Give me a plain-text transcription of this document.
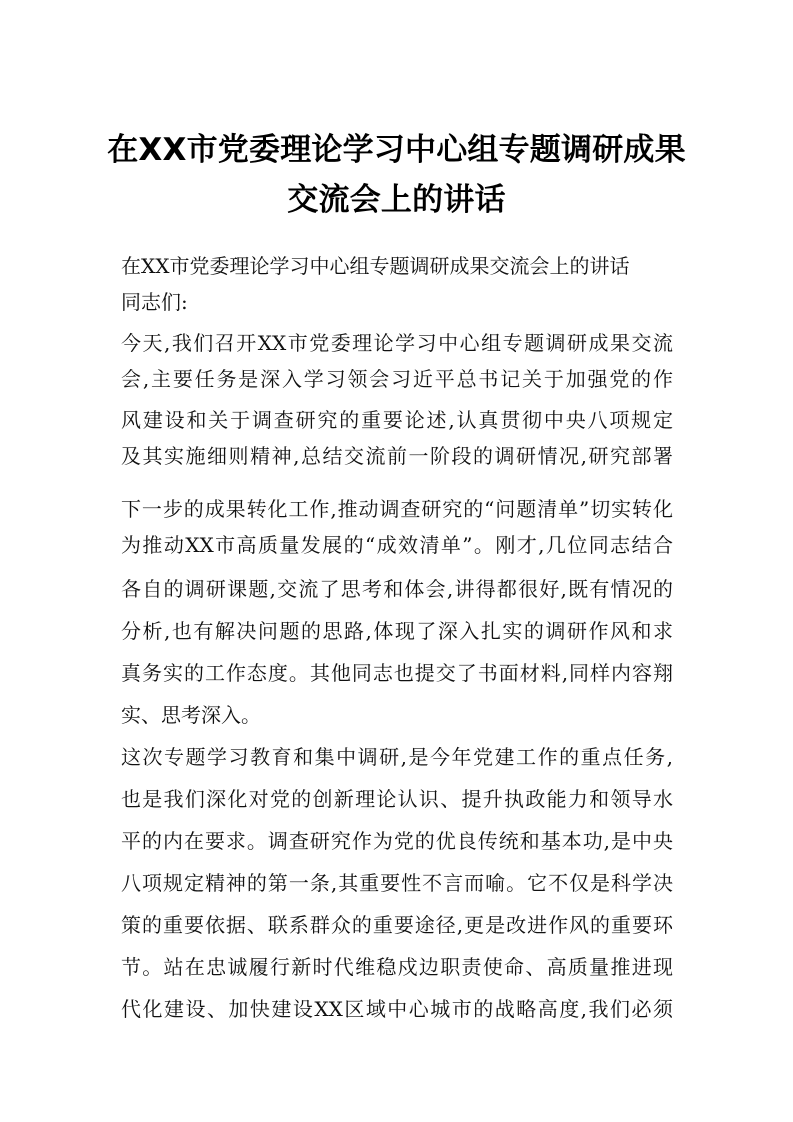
在XX市党委理论学习中心组专题调研成果
交流会上的讲话
在XX市党委理论学习中心组专题调研成果交流会上的讲话
同志们:
今天,我们召开XX市党委理论学习中心组专题调研成果交流
会,主要任务是深入学习领会习近平总书记关于加强党的作
风建设和关于调查研究的重要论述,认真贯彻中央八项规定
及其实施细则精神,总结交流前一阶段的调研情况,研究部署
下一步的成果转化工作,推动调查研究的“问题清单”切实转化
为推动XX市高质量发展的“成效清单”。刚才,几位同志结合
各自的调研课题,交流了思考和体会,讲得都很好,既有情况的
分析,也有解决问题的思路,体现了深入扎实的调研作风和求
真务实的工作态度。其他同志也提交了书面材料,同样内容翔
实、思考深入。
这次专题学习教育和集中调研,是今年党建工作的重点任务,
也是我们深化对党的创新理论认识、提升执政能力和领导水
平的内在要求。调查研究作为党的优良传统和基本功,是中央
八项规定精神的第一条,其重要性不言而喻。它不仅是科学决
策的重要依据、联系群众的重要途径,更是改进作风的重要环
节。站在忠诚履行新时代维稳戍边职责使命、高质量推进现
代化建设、加快建设XX区域中心城市的战略高度,我们必须
